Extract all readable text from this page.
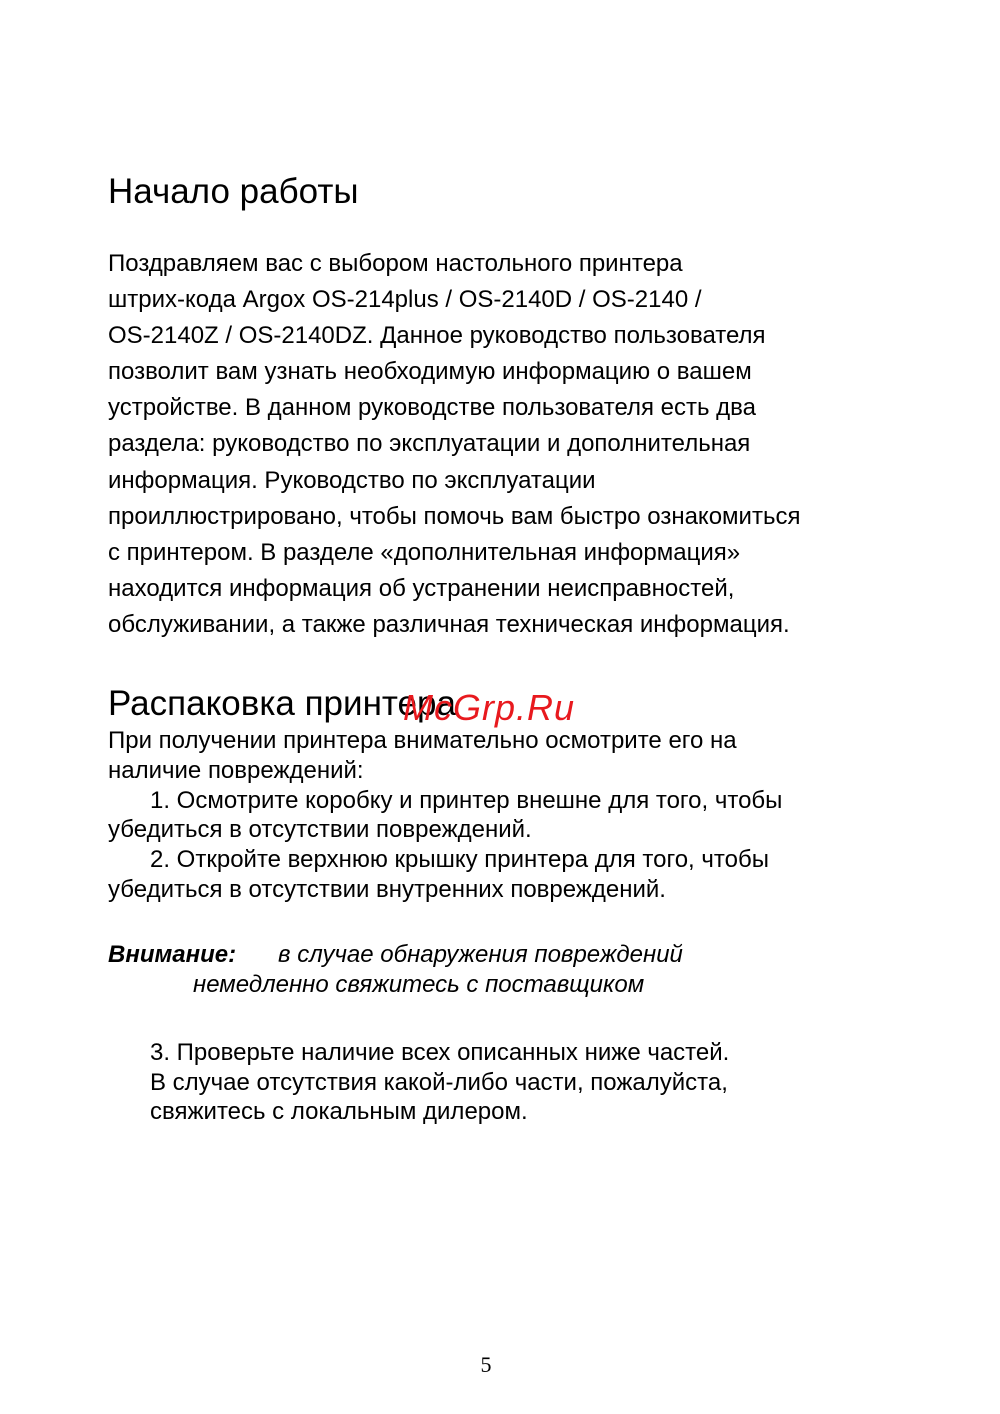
Начало работы
Поздравляем вас с выбором настольного принтера
штрих-кода Argox OS-214plus / OS-2140D / OS-2140 /
OS-2140Z / OS-2140DZ. Данное руководство пользователя
позволит вам узнать необходимую информацию о вашем
устройстве. В данном руководстве пользователя есть два
раздела: руководство по эксплуатации и дополнительная
информация. Руководство по эксплуатации
проиллюстрировано, чтобы помочь вам быстро ознакомиться
с принтером. В разделе «дополнительная информация»
находится информация об устранении неисправностей,
обслуживании, а также различная техническая информация.
Распаковка принтера
McGrp.Ru
При получении принтера внимательно осмотрите его на
наличие повреждений:
1. Осмотрите коробку и принтер внешне для того, чтобы
убедиться в отсутствии повреждений.
2. Откройте верхнюю крышку принтера для того, чтобы
убедиться в отсутствии внутренних повреждений.
Внимание: в случае обнаружения повреждений
немедленно свяжитесь с поставщиком
3. Проверьте наличие всех описанных ниже частей.
В случае отсутствия какой-либо части, пожалуйста,
свяжитесь с локальным дилером.
5
